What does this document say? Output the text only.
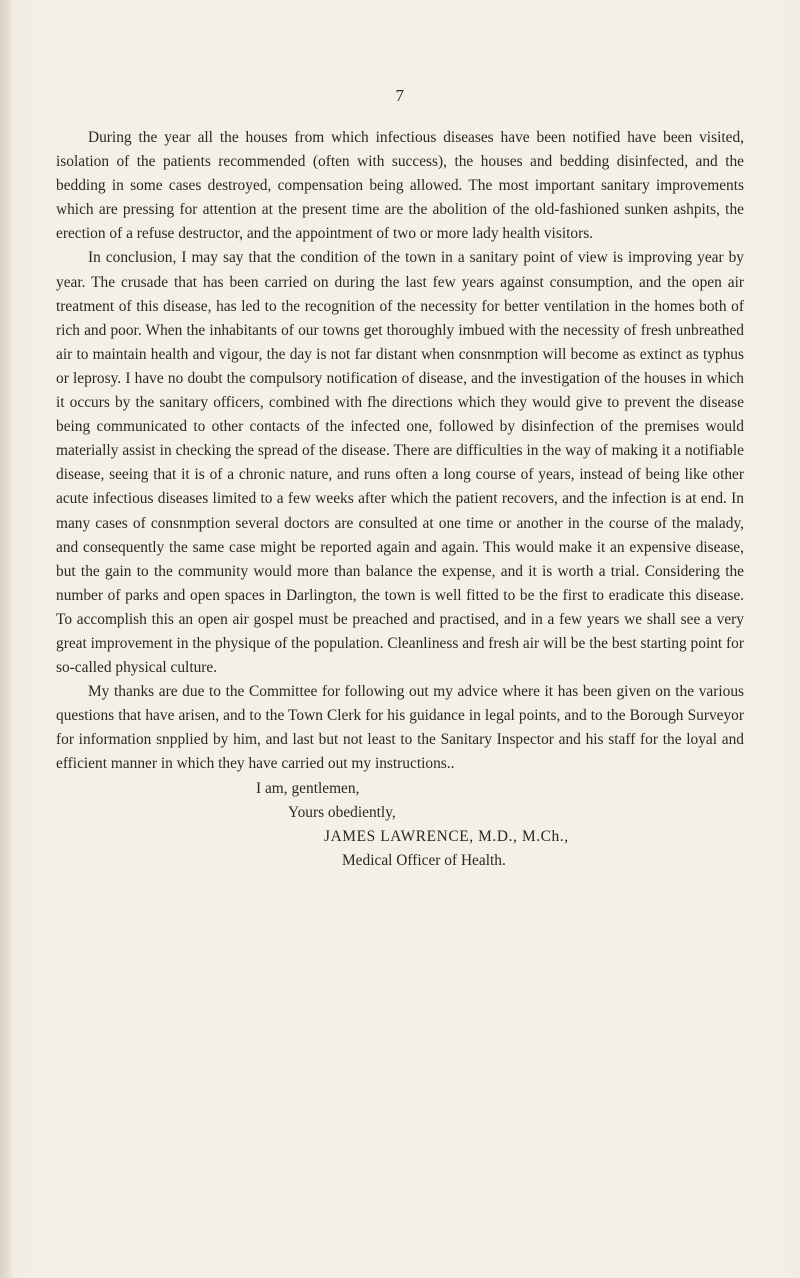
7

During the year all the houses from which infectious diseases have been notified have been visited, isolation of the patients recommended (often with success), the houses and bedding disinfected, and the bedding in some cases destroyed, compensation being allowed. The most important sanitary improvements which are pressing for attention at the present time are the abolition of the old-fashioned sunken ashpits, the erection of a refuse destructor, and the appointment of two or more lady health visitors.

In conclusion, I may say that the condition of the town in a sanitary point of view is improving year by year. The crusade that has been carried on during the last few years against consumption, and the open air treatment of this disease, has led to the recognition of the necessity for better ventilation in the homes both of rich and poor. When the inhabitants of our towns get thoroughly imbued with the necessity of fresh unbreathed air to maintain health and vigour, the day is not far distant when consnmption will become as extinct as typhus or leprosy. I have no doubt the compulsory notification of disease, and the investigation of the houses in which it occurs by the sanitary officers, combined with fhe directions which they would give to prevent the disease being communicated to other contacts of the infected one, followed by disinfection of the premises would materially assist in checking the spread of the disease. There are difficulties in the way of making it a notifiable disease, seeing that it is of a chronic nature, and runs often a long course of years, instead of being like other acute infectious diseases limited to a few weeks after which the patient recovers, and the infection is at end. In many cases of consnmption several doctors are consulted at one time or another in the course of the malady, and consequently the same case might be reported again and again. This would make it an expensive disease, but the gain to the community would more than balance the expense, and it is worth a trial. Considering the number of parks and open spaces in Darlington, the town is well fitted to be the first to eradicate this disease. To accomplish this an open air gospel must be preached and practised, and in a few years we shall see a very great improvement in the physique of the population. Cleanliness and fresh air will be the best starting point for so-called physical culture.

My thanks are due to the Committee for following out my advice where it has been given on the various questions that have arisen, and to the Town Clerk for his guidance in legal points, and to the Borough Surveyor for information snpplied by him, and last but not least to the Sanitary Inspector and his staff for the loyal and efficient manner in which they have carried out my instructions..

I am, gentlemen,
Yours obediently,
JAMES LAWRENCE, M.D., M.Ch.,
Medical Officer of Health.
